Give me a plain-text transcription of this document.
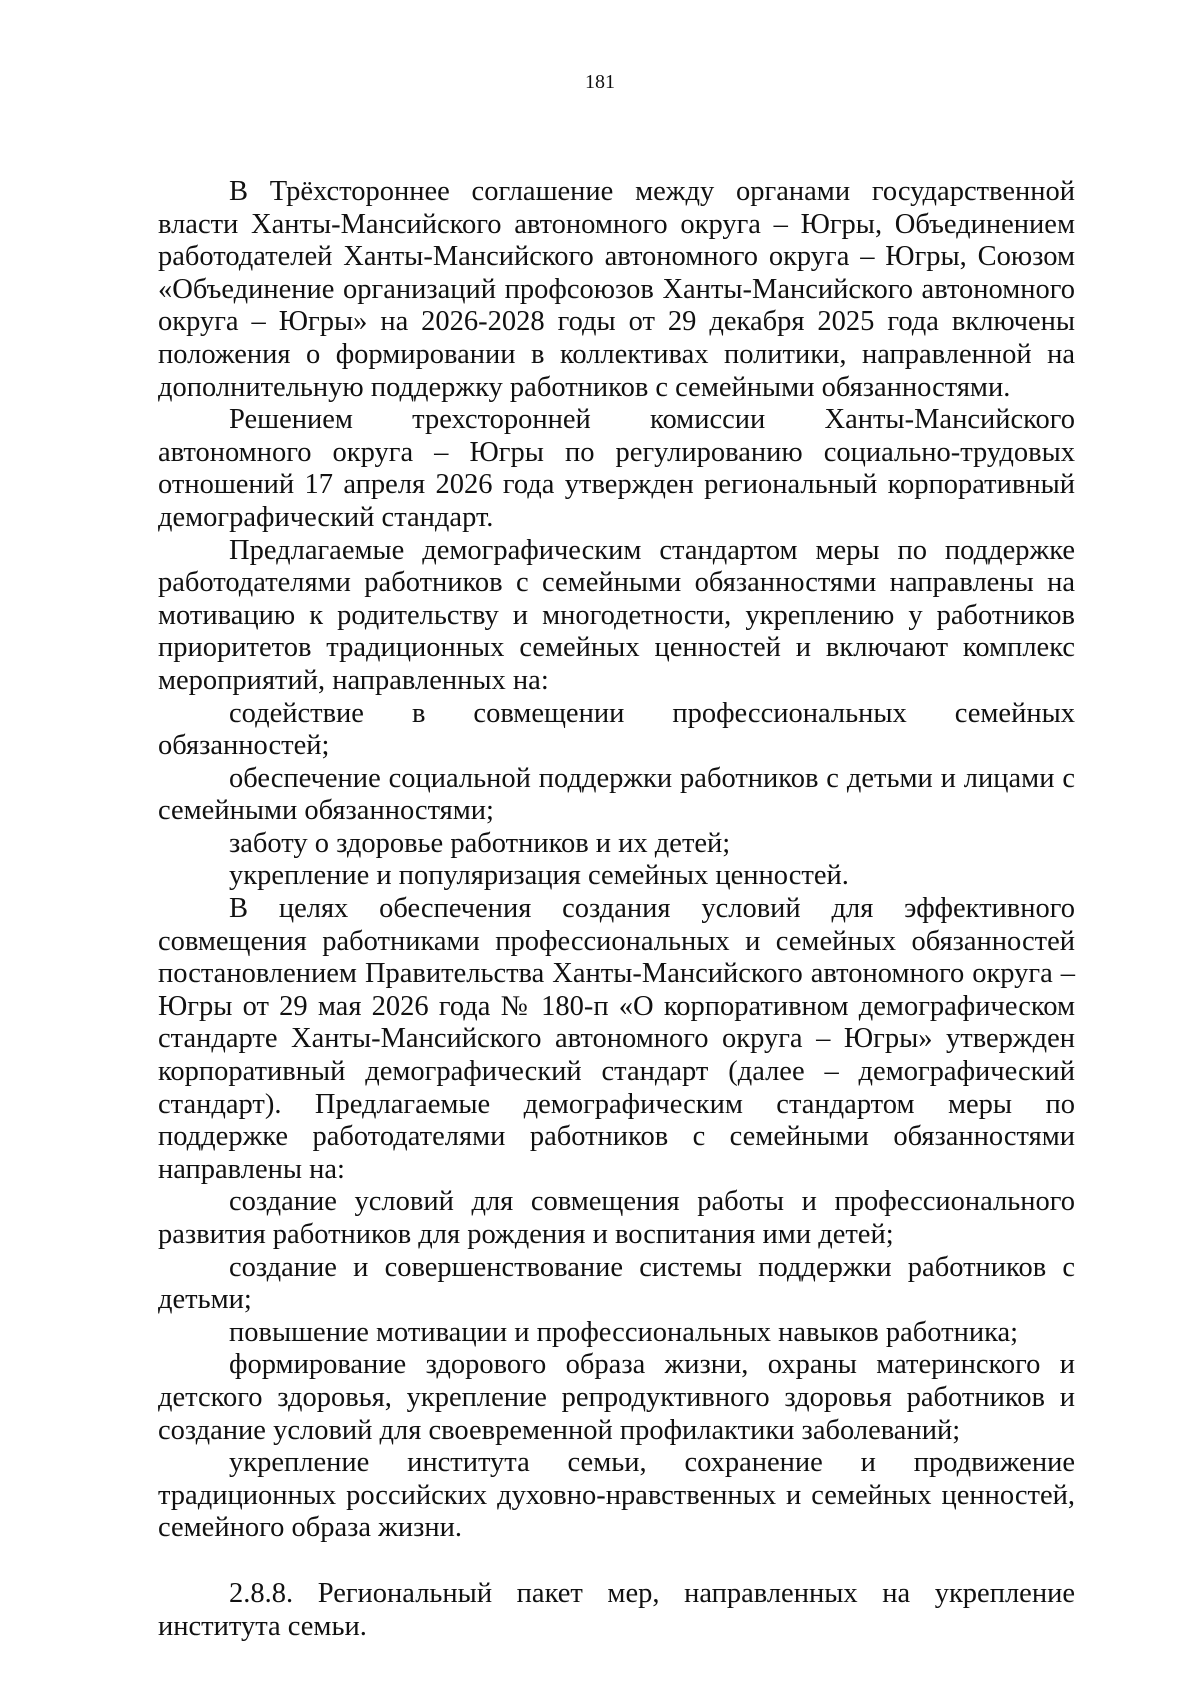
181

В Трёхстороннее соглашение между органами государственной власти Ханты-Мансийского автономного округа – Югры, Объединением работодателей Ханты-Мансийского автономного округа – Югры, Союзом «Объединение организаций профсоюзов Ханты-Мансийского автономного округа – Югры» на 2026-2028 годы от 29 декабря 2025 года включены положения о формировании в коллективах политики, направленной на дополнительную поддержку работников с семейными обязанностями.

Решением трехсторонней комиссии Ханты-Мансийского автономного округа – Югры по регулированию социально-трудовых отношений 17 апреля 2026 года утвержден региональный корпоративный демографический стандарт.

Предлагаемые демографическим стандартом меры по поддержке работодателями работников с семейными обязанностями направлены на мотивацию к родительству и многодетности, укреплению у работников приоритетов традиционных семейных ценностей и включают комплекс мероприятий, направленных на:

содействие в совмещении профессиональных семейных обязанностей;

обеспечение социальной поддержки работников с детьми и лицами с семейными обязанностями;

заботу о здоровье работников и их детей;

укрепление и популяризация семейных ценностей.

В целях обеспечения создания условий для эффективного совмещения работниками профессиональных и семейных обязанностей постановлением Правительства Ханты-Мансийского автономного округа – Югры от 29 мая 2026 года № 180-п «О корпоративном демографическом стандарте Ханты-Мансийского автономного округа – Югры» утвержден корпоративный демографический стандарт (далее – демографический стандарт). Предлагаемые демографическим стандартом меры по поддержке работодателями работников с семейными обязанностями направлены на:

создание условий для совмещения работы и профессионального развития работников для рождения и воспитания ими детей;

создание и совершенствование системы поддержки работников с детьми;

повышение мотивации и профессиональных навыков работника;

формирование здорового образа жизни, охраны материнского и детского здоровья, укрепление репродуктивного здоровья работников и создание условий для своевременной профилактики заболеваний;

укрепление института семьи, сохранение и продвижение традиционных российских духовно-нравственных и семейных ценностей, семейного образа жизни.

2.8.8. Региональный пакет мер, направленных на укрепление института семьи.
